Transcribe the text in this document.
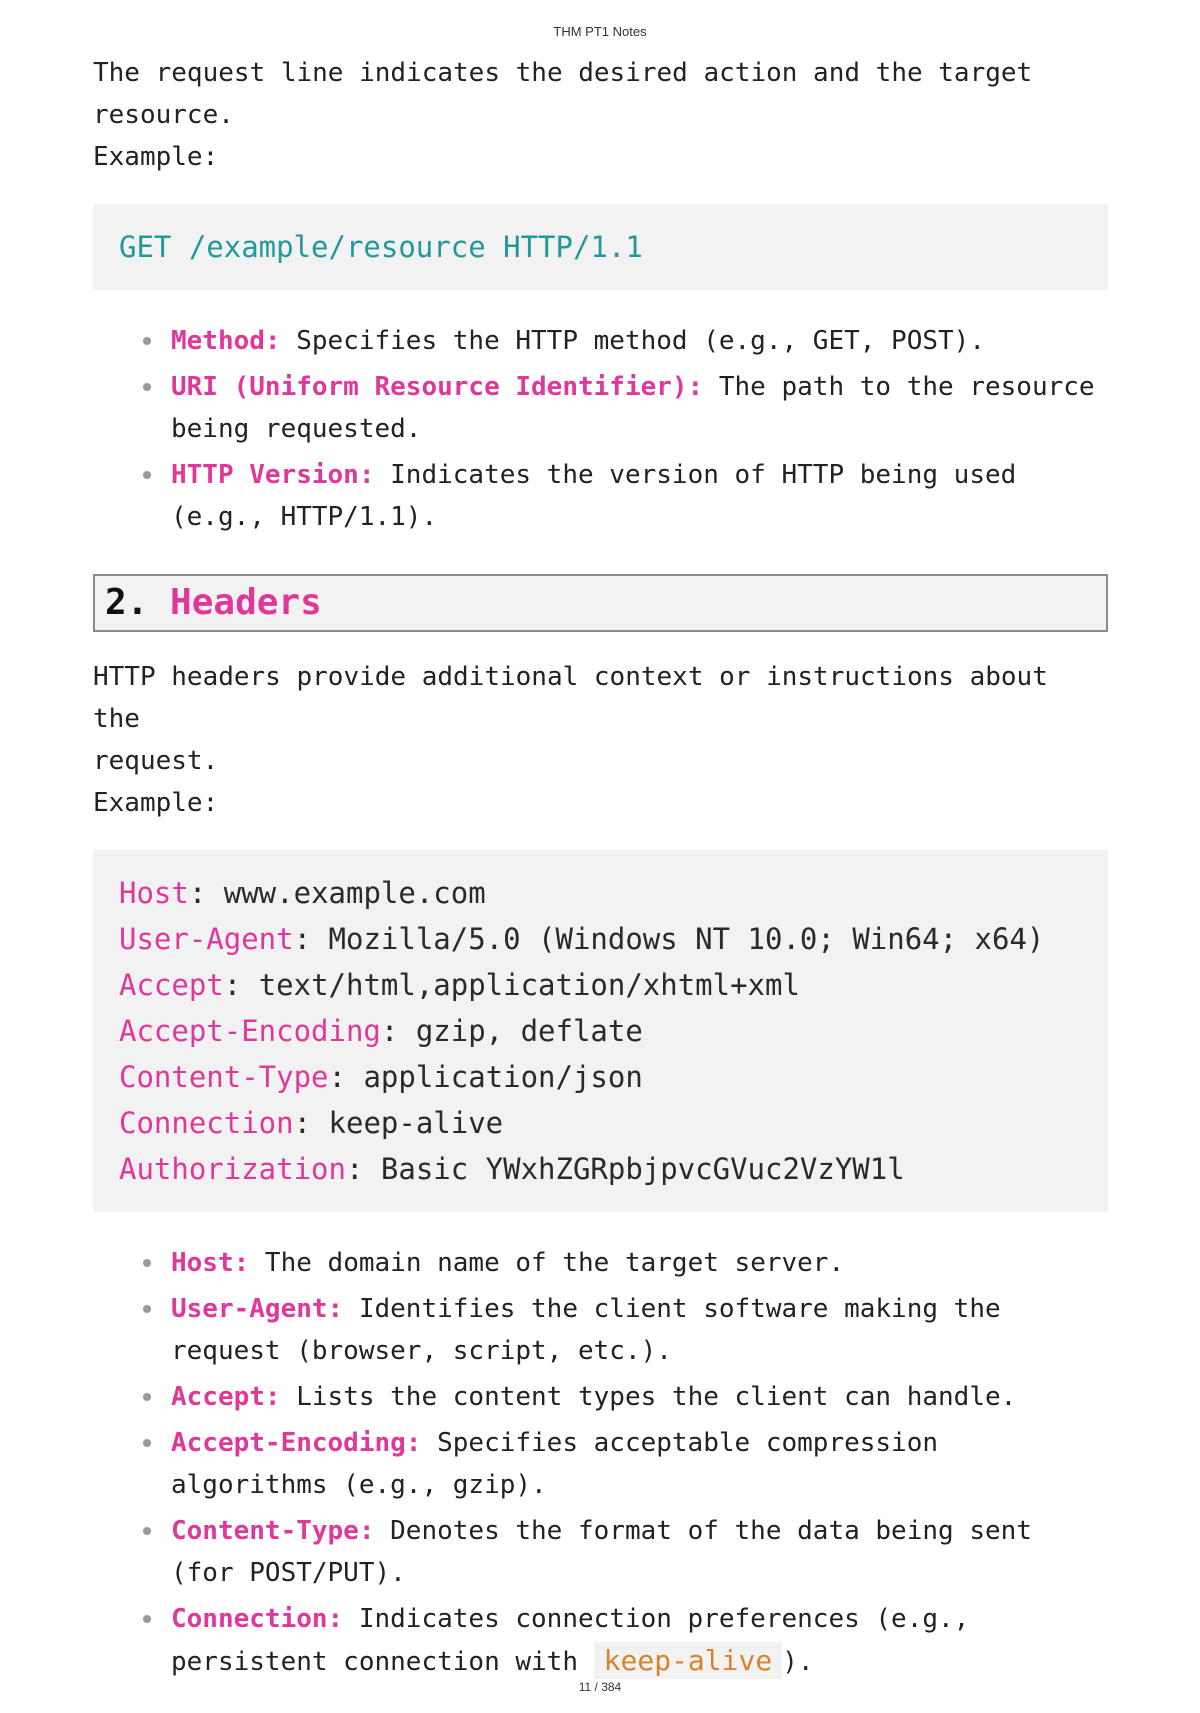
THM PT1 Notes

The request line indicates the desired action and the target
resource.

Example:

GET /example/resource HTTP/1.1
Method: Specifies the HTTP method (e.g., GET, POST).
URI (Uniform Resource Identifier): The path to the resource being requested.
HTTP Version: Indicates the version of HTTP being used (e.g., HTTP/1.1).
2. Headers

HTTP headers provide additional context or instructions about the
request.

Example:

Host: www.example.com
User-Agent: Mozilla/5.0 (Windows NT 10.0; Win64; x64)
Accept: text/html,application/xhtml+xml
Accept-Encoding: gzip, deflate
Content-Type: application/json
Connection: keep-alive
Authorization: Basic YWxhZGRpbjpvcGVuc2VzYW1l
Host: The domain name of the target server.
User-Agent: Identifies the client software making the request (browser, script, etc.).
Accept: Lists the content types the client can handle.
Accept-Encoding: Specifies acceptable compression algorithms (e.g., gzip).
Content-Type: Denotes the format of the data being sent (for POST/PUT).
Connection: Indicates connection preferences (e.g., persistent connection with keep-alive ).
11 / 384
